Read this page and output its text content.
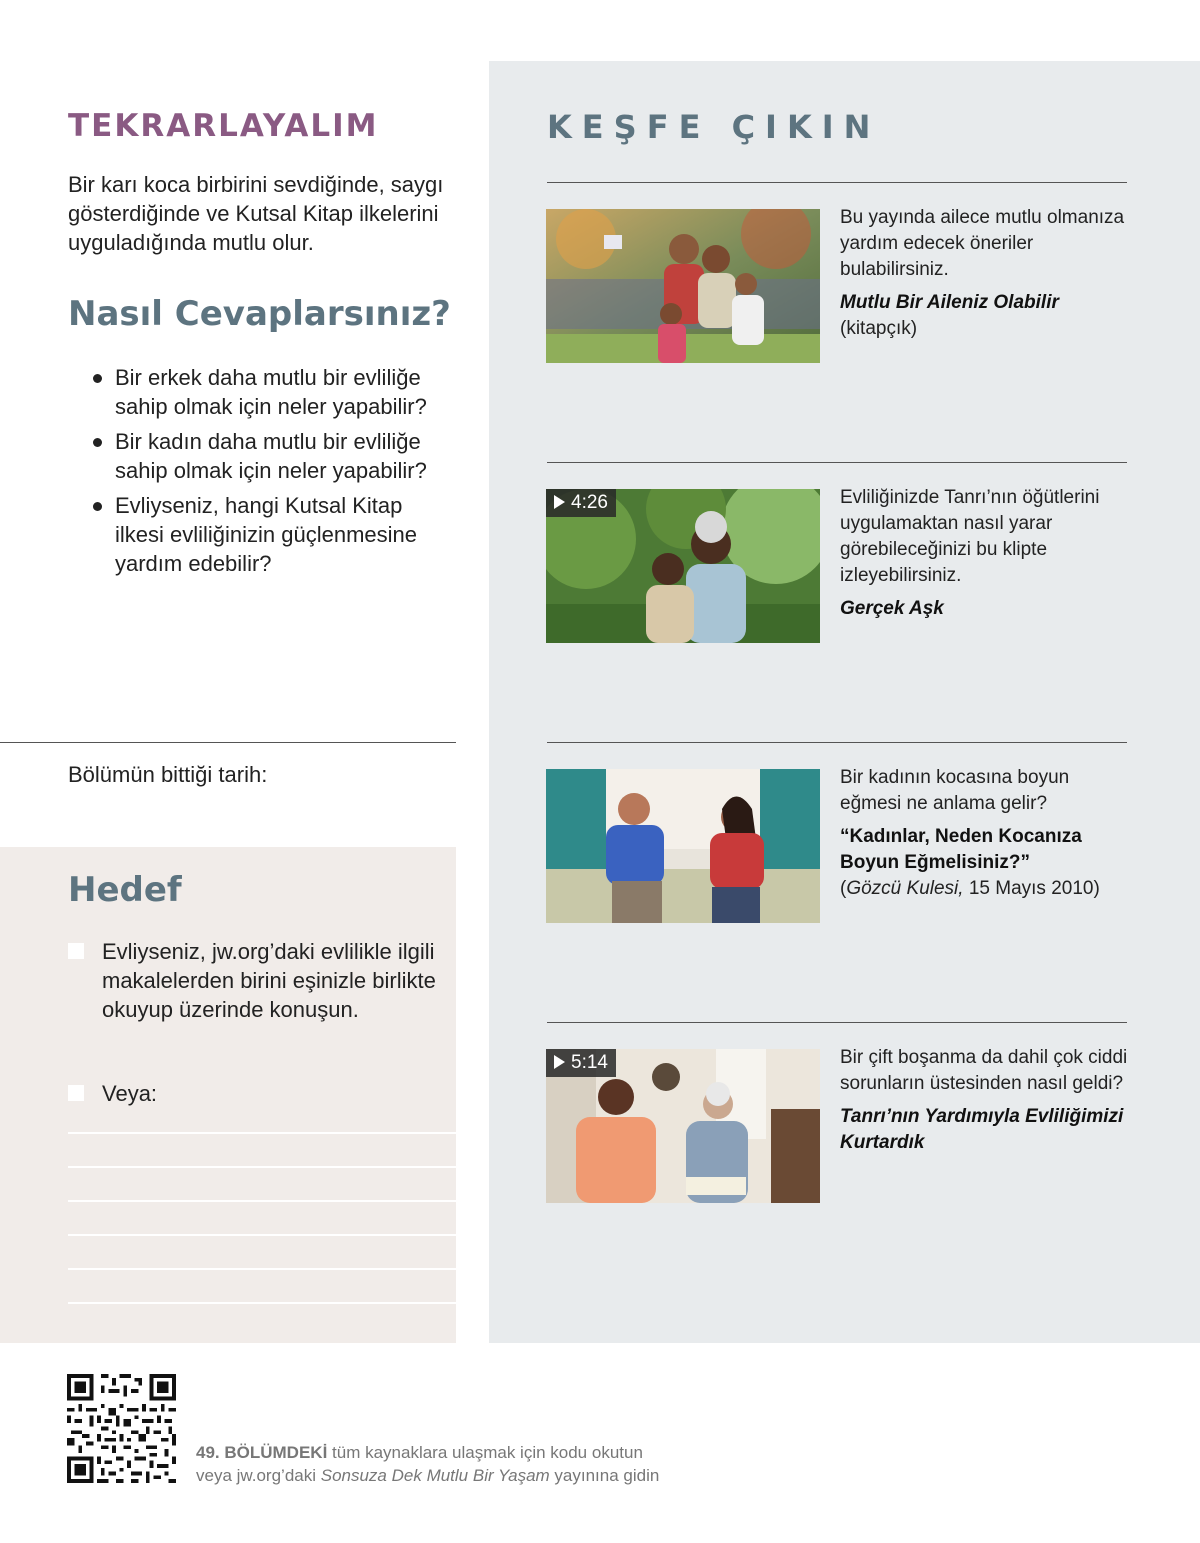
TEKRARLAYALIM

Bir karı koca birbirini sevdiğinde, saygı gösterdiğinde ve Kutsal Kitap ilkelerini uyguladığında mutlu olur.

Nasıl Cevaplarsınız?
Bir erkek daha mutlu bir evliliğe sahip olmak için neler yapabilir?
Bir kadın daha mutlu bir evliliğe sahip olmak için neler yapabilir?
Evliyseniz, hangi Kutsal Kitap ilkesi evliliğinizin güçlenmesine yardım edebilir?
Bölümün bittiği tarih:
Hedef
Evliyseniz, jw.org’daki evlilikle ilgili makalelerden birini eşinizle birlikte okuyup üzerinde konuşun.
Veya:
KEŞFE ÇIKIN
Bu yayında ailece mutlu olmanıza yardım edecek öneriler bulabilirsiniz.
Mutlu Bir Aileniz Olabilir
(kitapçık)
4:26	Evliliğinizde Tanrı’nın öğütlerini uygulamaktan nasıl yarar görebileceğinizi bu klipte izleyebilirsiniz.
Gerçek Aşk
Bir kadının kocasına boyun eğmesi ne anlama gelir?
“Kadınlar, Neden Kocanıza Boyun Eğmelisiniz?”
(Gözcü Kulesi, 15 Mayıs 2010)
5:14	Bir çift boşanma da dahil çok ciddi sorunların üstesinden nasıl geldi?
Tanrı’nın Yardımıyla Evliliğimizi Kurtardık
49. BÖLÜMDEKİ tüm kaynaklara ulaşmak için kodu okutun
veya jw.org’daki Sonsuza Dek Mutlu Bir Yaşam yayınına gidin
